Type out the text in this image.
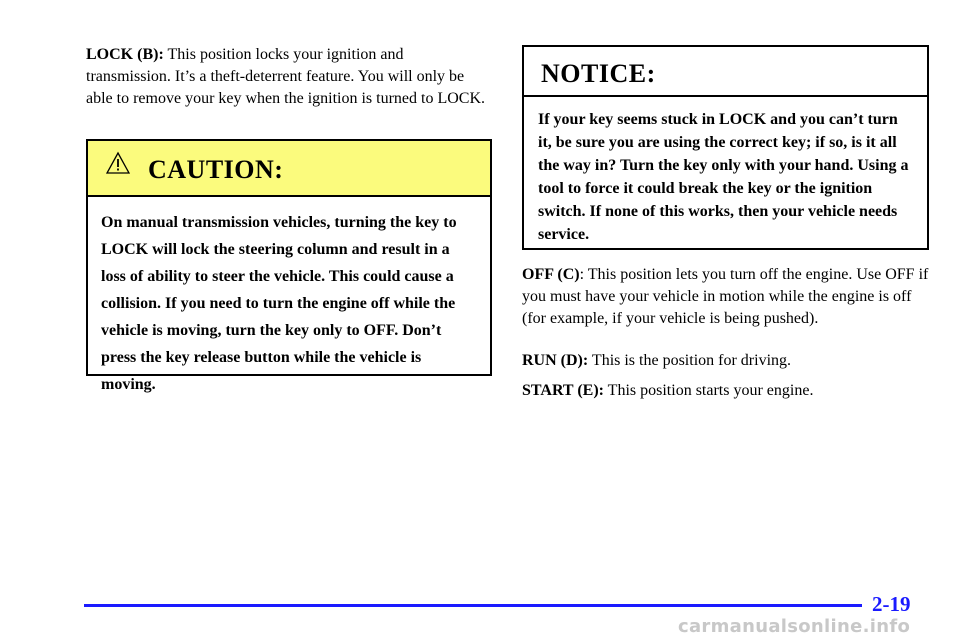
LOCK (B): This position locks your ignition and transmission. It’s a theft-deterrent feature. You will only be able to remove your key when the ignition is turned to LOCK.

CAUTION:
On manual transmission vehicles, turning the key to LOCK will lock the steering column and result in a loss of ability to steer the vehicle. This could cause a collision. If you need to turn the engine off while the vehicle is moving, turn the key only to OFF. Don’t press the key release button while the vehicle is moving.
NOTICE:
If your key seems stuck in LOCK and you can’t turn it, be sure you are using the correct key; if so, is it all the way in? Turn the key only with your hand. Using a tool to force it could break the key or the ignition switch. If none of this works, then your vehicle needs service.

OFF (C): This position lets you turn off the engine. Use OFF if you must have your vehicle in motion while the engine is off (for example, if your vehicle is being pushed).

RUN (D): This is the position for driving.

START (E): This position starts your engine.

2-19
carmanualsonline.info
